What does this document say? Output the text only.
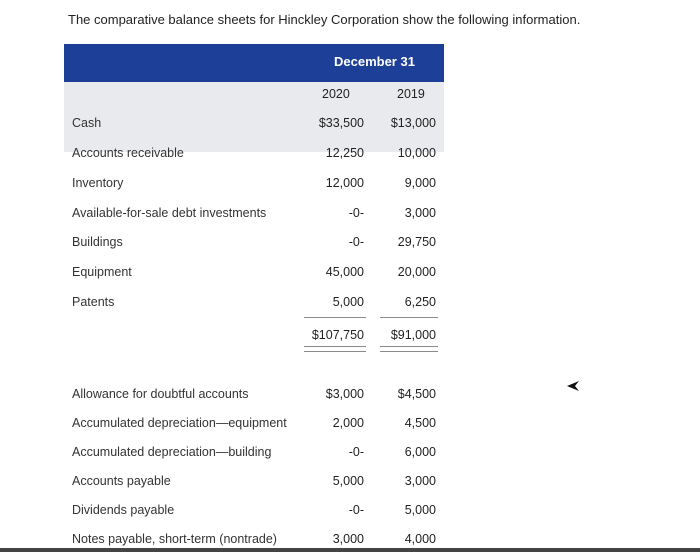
The comparative balance sheets for Hinckley Corporation show the following information.
December 31
2020	2019
Cash	$33,500 $13,000
Accounts receivable	12,250	10,000
Inventory	12,000	9,000
Available-for-sale debt investments	-0-	3,000
Buildings	-0-	29,750
Equipment	45,000	20,000
Patents	5,000	6,250
$107,750 $91,000
Allowance for doubtful accounts	$3,000	$4,500
Accumulated depreciation—equipment	2,000	4,500
Accumulated depreciation—building	-0-	6,000
Accounts payable	5,000	3,000
Dividends payable	-0-	5,000
Notes payable, short-term (nontrade)	3,000	4,000
